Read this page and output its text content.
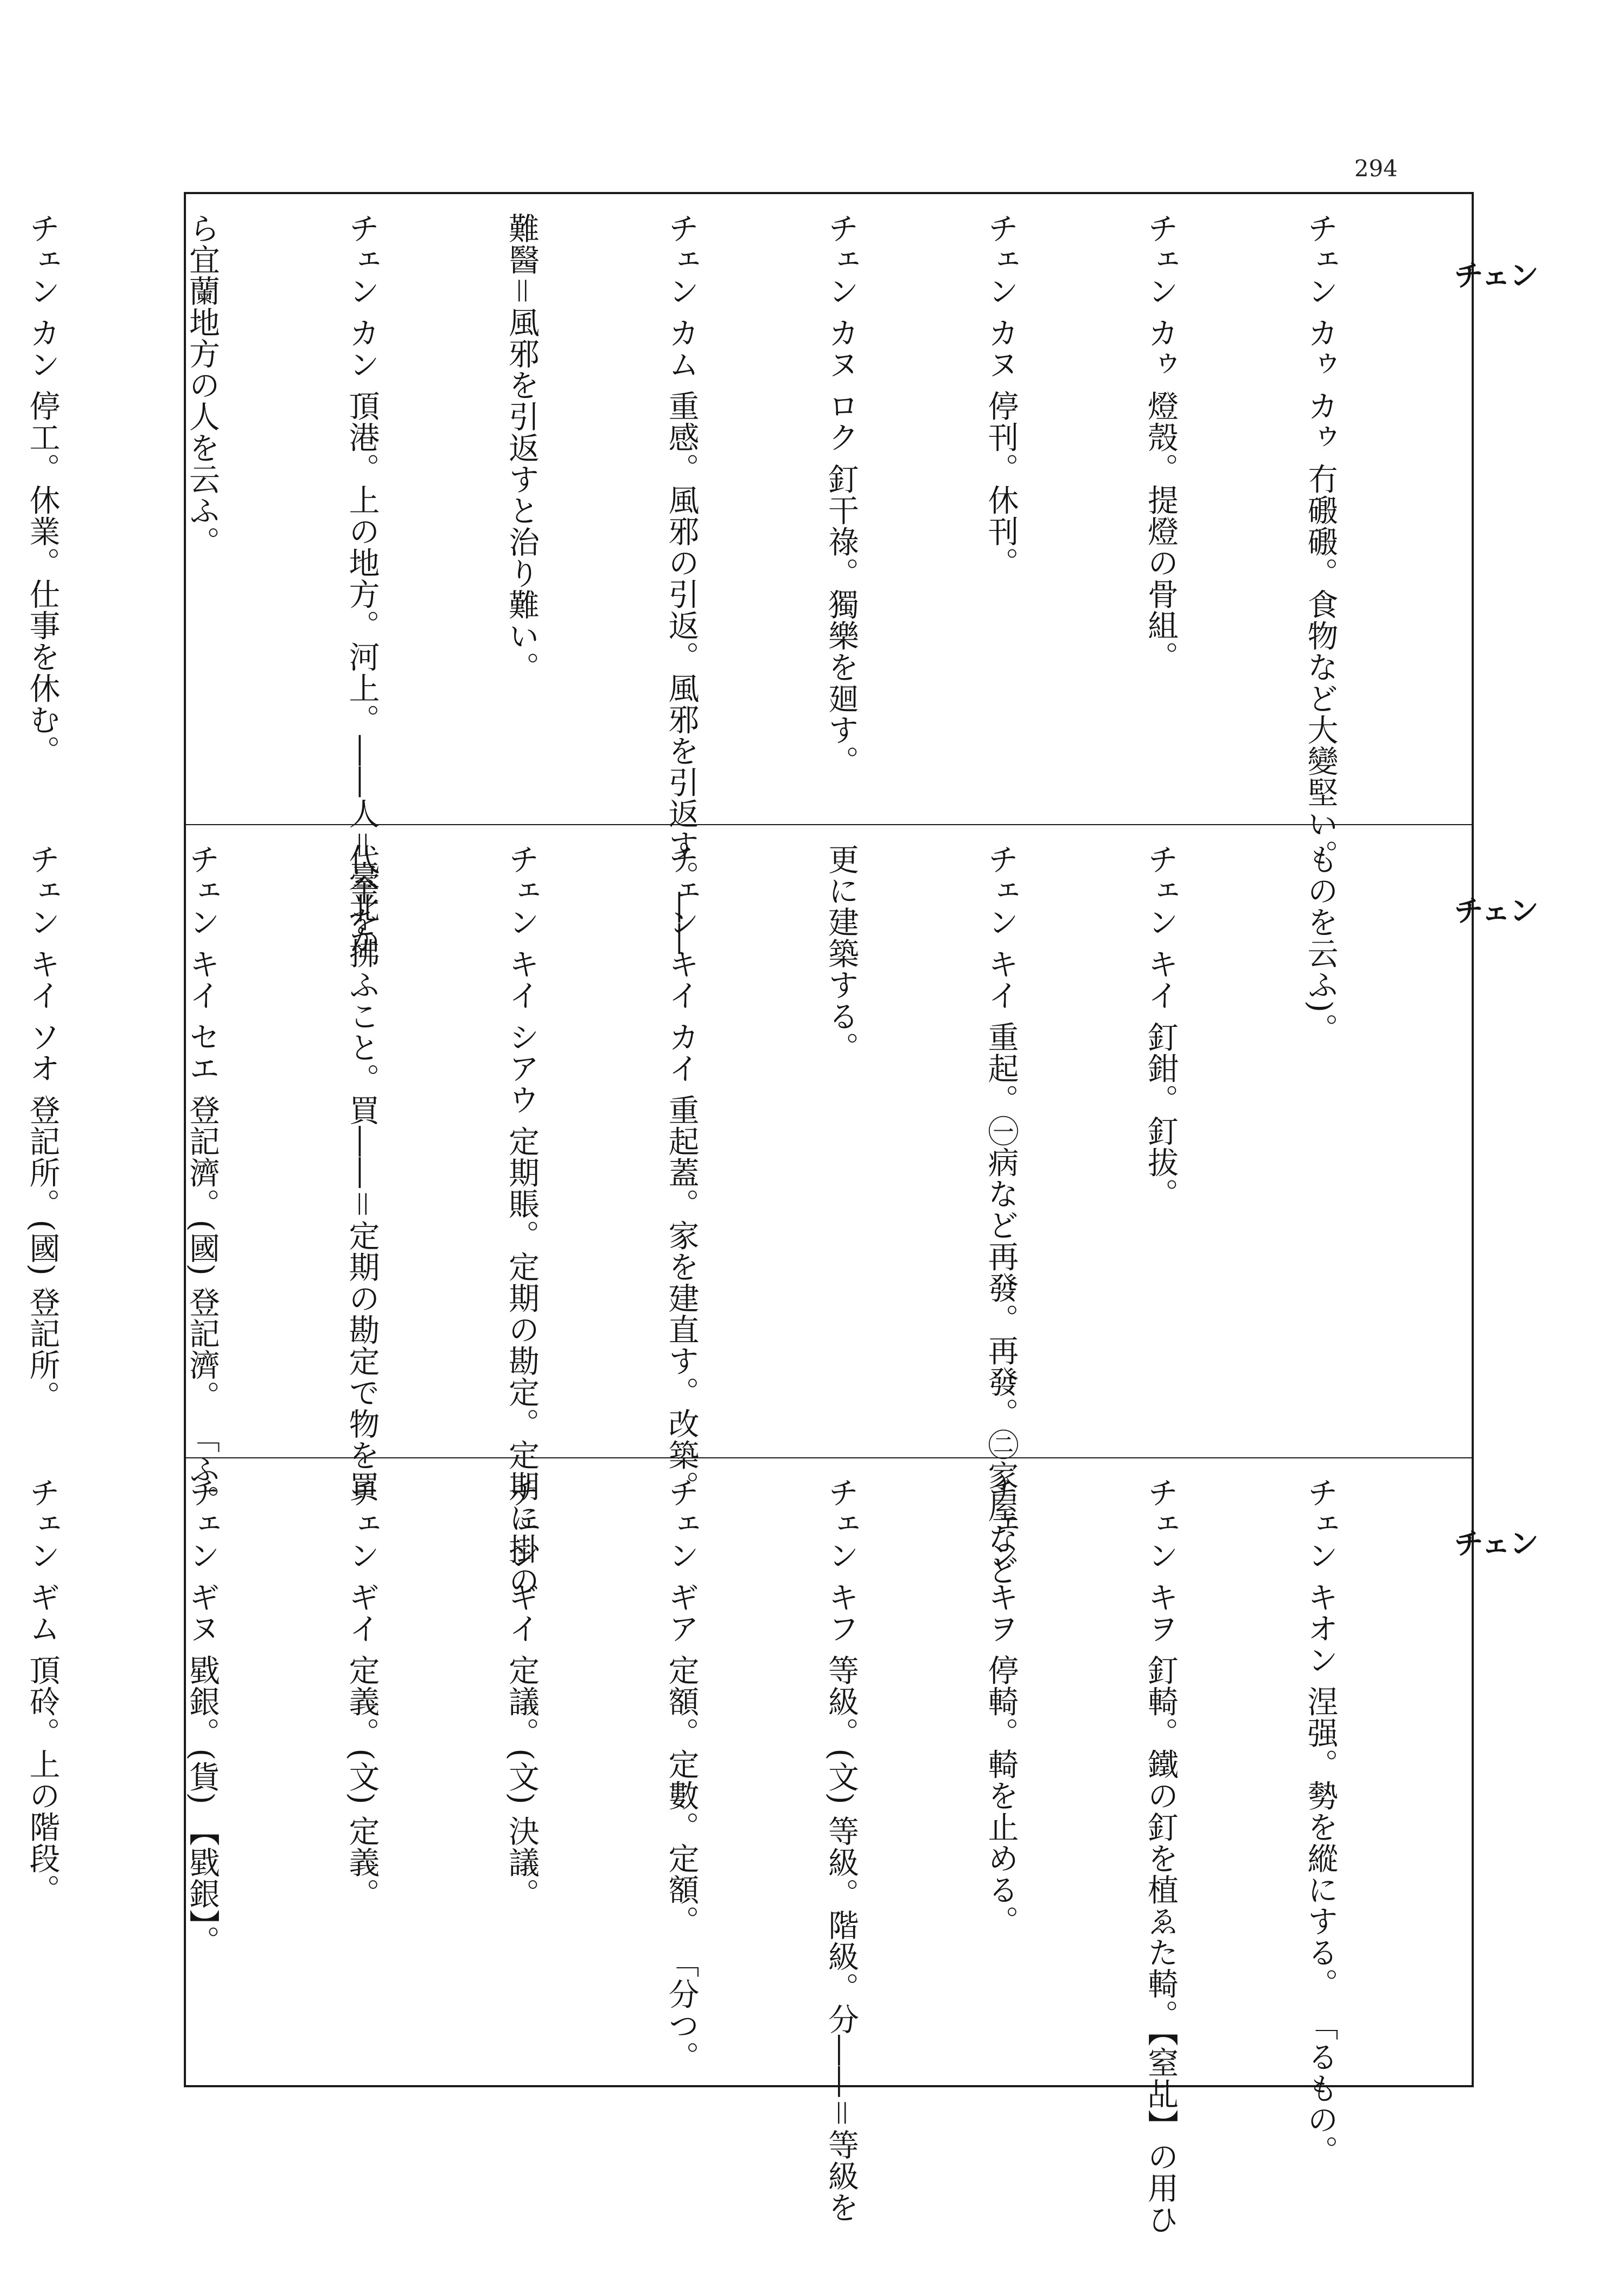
294

チェン カゥ カゥ 冇磤磤。食物など大變堅い。

チェン カゥ 燈殼。提燈の骨組。

チェン カヌ 停刊。休刊。

チェン カヌ ロク 釘干祿。獨樂を廻す。

チェン カム 重感。風邪の引返。風邪を引返す。――

難醫＝風邪を引返すと治り難い。

チェン カン 頂港。上の地方。河上。――人＝臺北か

ら宜蘭地方の人を云ふ。

チェン カン 停工。休業。仕事を休む。

ものを云ふ)。

チェン キイ 釘鉗。釘拔。

チェン キイ 重起。㊀病など再發。再發。㊁家屋など

更に建築する。

チェン キイ カイ 重起蓋。家を建直す。改築。

チェン キイ シアウ 定期賬。定期の勘定。定期に掛の

代金を拂ふこと。買――＝定期の勘定で物を買

チェン キイ セエ 登記濟。(國) 登記濟。 「ふ。

チェン キイ ソオ 登記所。(國) 登記所。

チェン キオン 涅强。勢を縱にする。 「るもの。

チェン キヲ 釘輢。鐵の釘を植ゑた輢。【窒乩】の用ひ

チェン キヲ 停輢。輢を止める。

チェン キフ 等級。(文) 等級。階級。分――＝等級を

チェン ギア 定額。定數。定額。 「分つ。

チェン ギイ 定議。(文) 決議。

チェン ギイ 定義。(文) 定義。

チェン ギヌ 戥銀。(貨) 【戥銀】。

チェン ギム 頂砱。上の階段。

チェン
チェン
チェン
